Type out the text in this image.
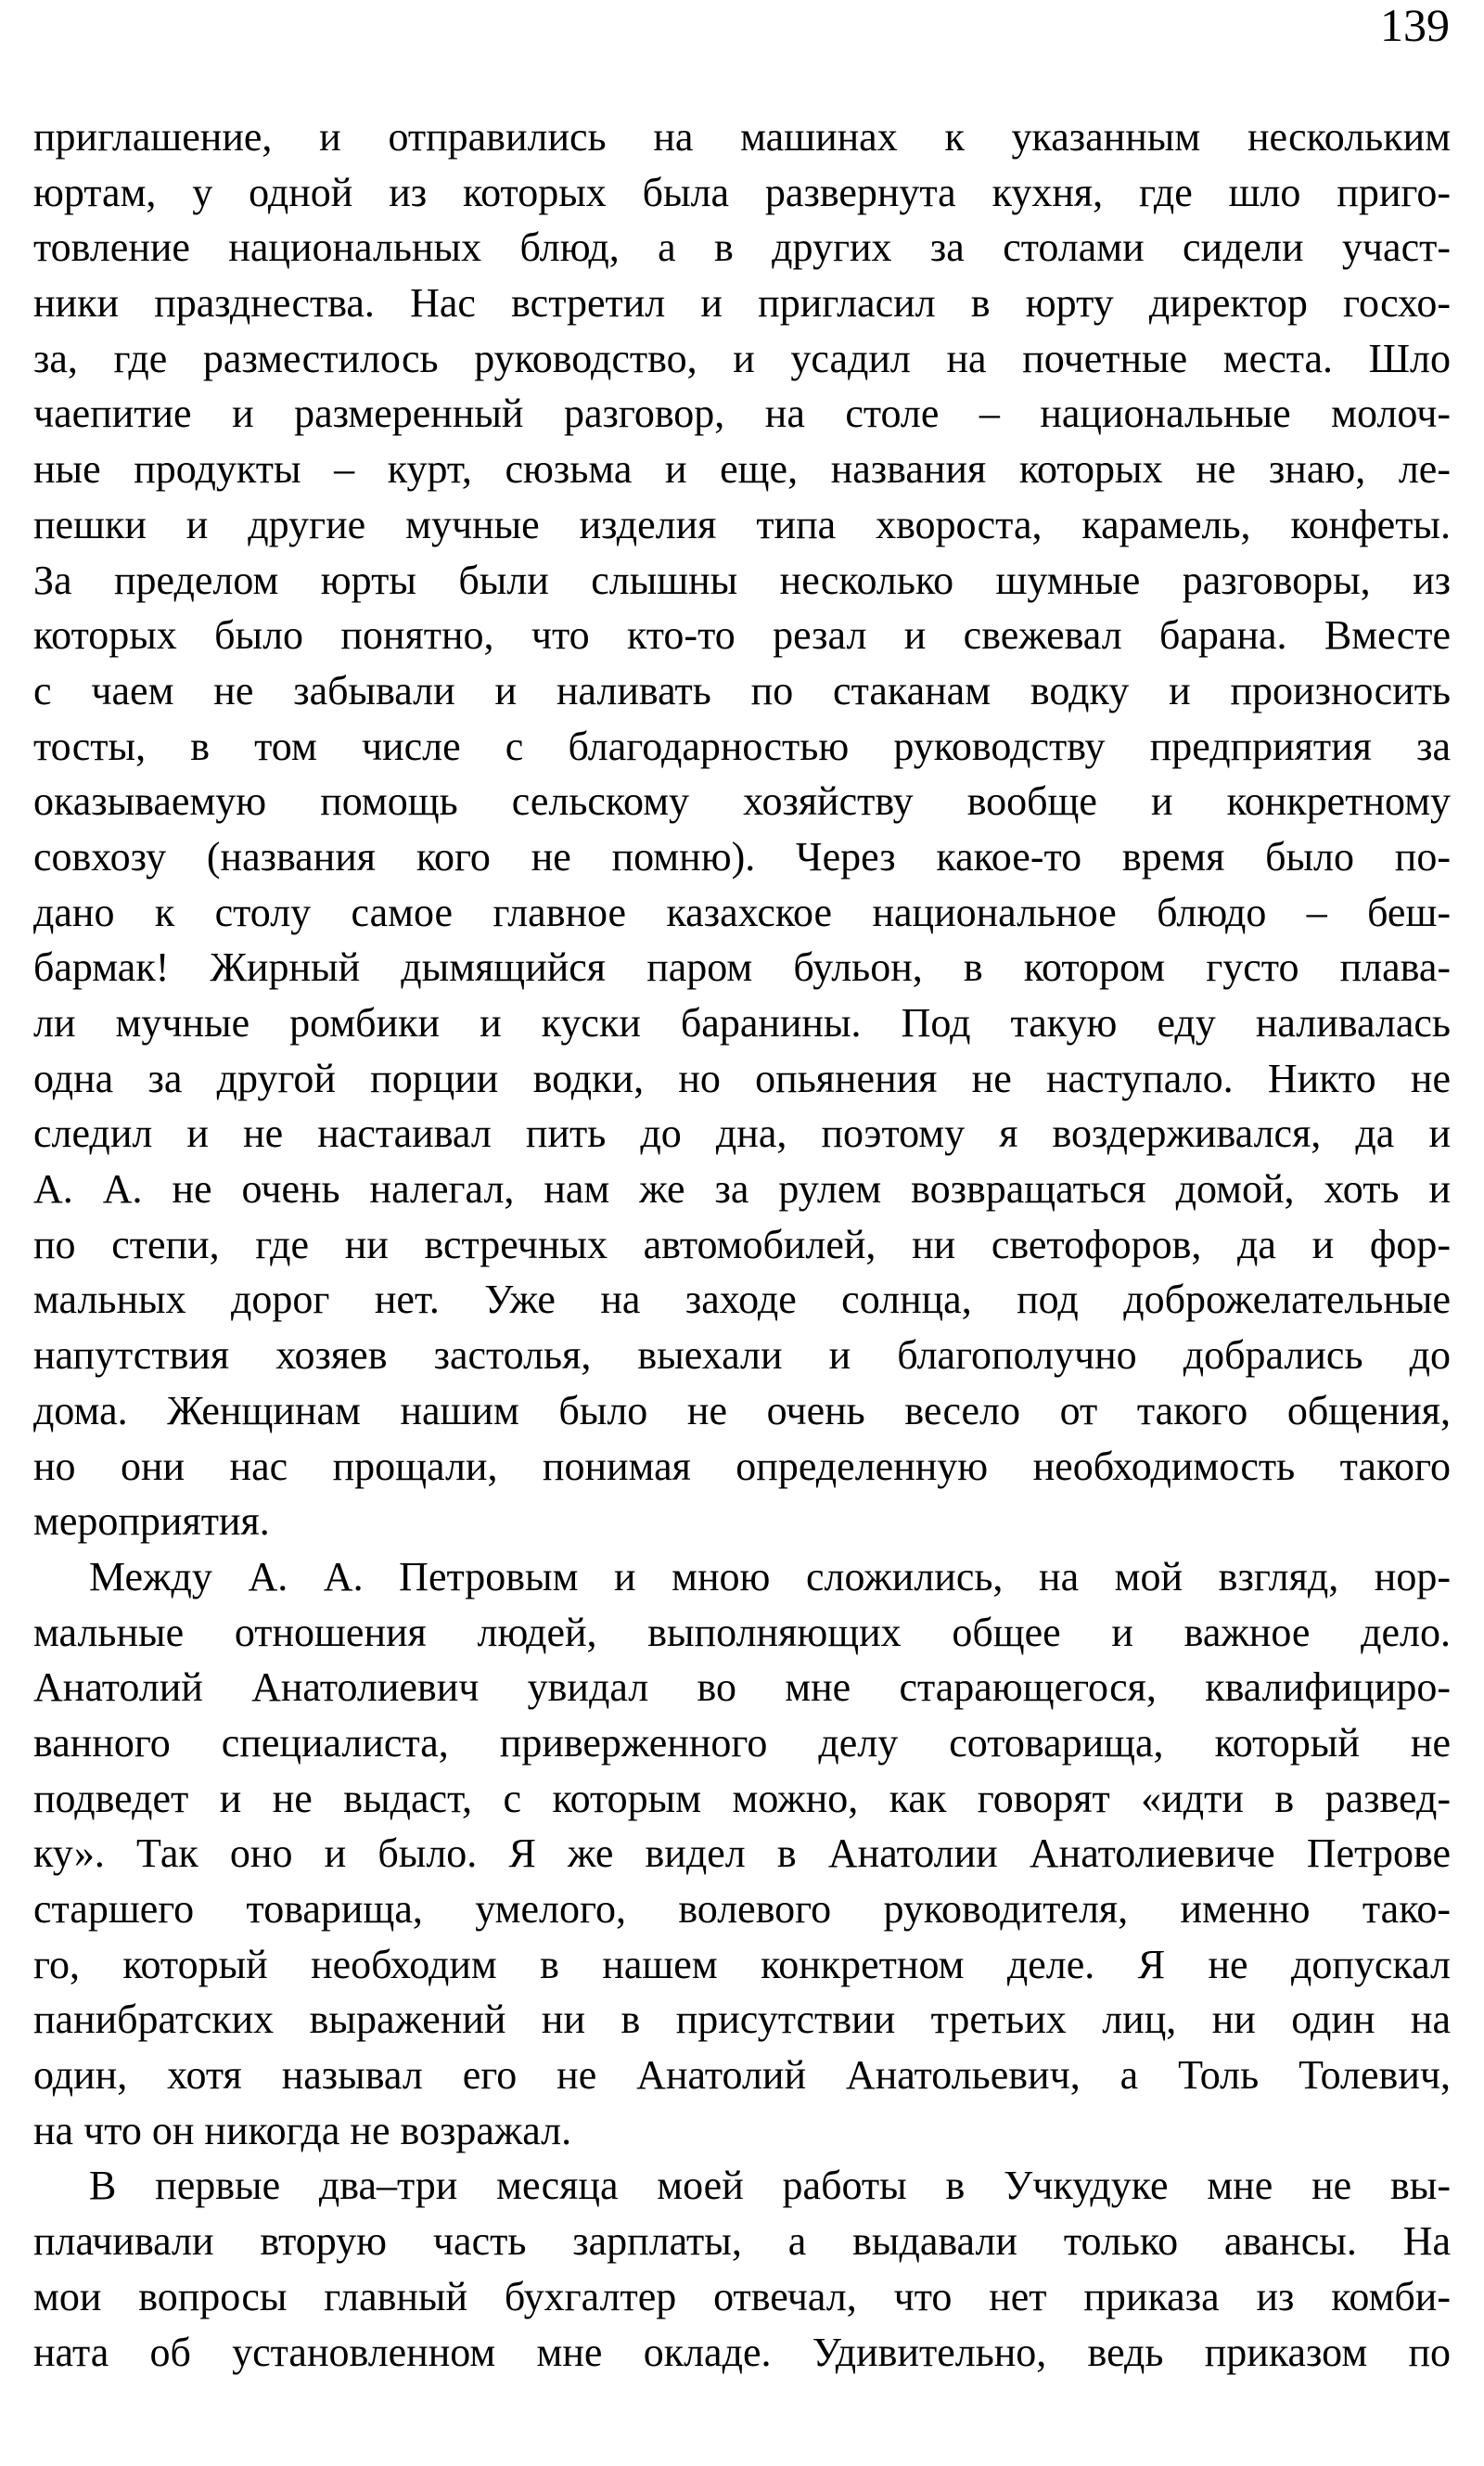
139
приглашение, и отправились на машинах к указанным нескольким
юртам, у одной из которых была развернута кухня, где шло приго-
товление национальных блюд, а в других за столами сидели участ-
ники празднества. Нас встретил и пригласил в юрту директор госхо-
за, где разместилось руководство, и усадил на почетные места. Шло
чаепитие и размеренный разговор, на столе – национальные молоч-
ные продукты – курт, сюзьма и еще, названия которых не знаю, ле-
пешки и другие мучные изделия типа хвороста, карамель, конфеты.
За пределом юрты были слышны несколько шумные разговоры, из
которых было понятно, что кто-то резал и свежевал барана. Вместе
с чаем не забывали и наливать по стаканам водку и произносить
тосты, в том числе с благодарностью руководству предприятия за
оказываемую помощь сельскому хозяйству вообще и конкретному
совхозу (названия кого не помню). Через какое-то время было по-
дано к столу самое главное казахское национальное блюдо – беш-
бармак! Жирный дымящийся паром бульон, в котором густо плава-
ли мучные ромбики и куски баранины. Под такую еду наливалась
одна за другой порции водки, но опьянения не наступало. Никто не
следил и не настаивал пить до дна, поэтому я воздерживался, да и
А. А. не очень налегал, нам же за рулем возвращаться домой, хоть и
по степи, где ни встречных автомобилей, ни светофоров, да и фор-
мальных дорог нет. Уже на заходе солнца, под доброжелательные
напутствия хозяев застолья, выехали и благополучно добрались до
дома. Женщинам нашим было не очень весело от такого общения,
но они нас прощали, понимая определенную необходимость такого
мероприятия.
Между А. А. Петровым и мною сложились, на мой взгляд, нор-
мальные отношения людей, выполняющих общее и важное дело.
Анатолий Анатолиевич увидал во мне старающегося, квалифициро-
ванного специалиста, приверженного делу сотоварища, который не
подведет и не выдаст, с которым можно, как говорят «идти в развед-
ку». Так оно и было. Я же видел в Анатолии Анатолиевиче Петрове
старшего товарища, умелого, волевого руководителя, именно тако-
го, который необходим в нашем конкретном деле. Я не допускал
панибратских выражений ни в присутствии третьих лиц, ни один на
один, хотя называл его не Анатолий Анатольевич, а Толь Толевич,
на что он никогда не возражал.
В первые два–три месяца моей работы в Учкудуке мне не вы-
плачивали вторую часть зарплаты, а выдавали только авансы. На
мои вопросы главный бухгалтер отвечал, что нет приказа из комби-
ната об установленном мне окладе. Удивительно, ведь приказом по
